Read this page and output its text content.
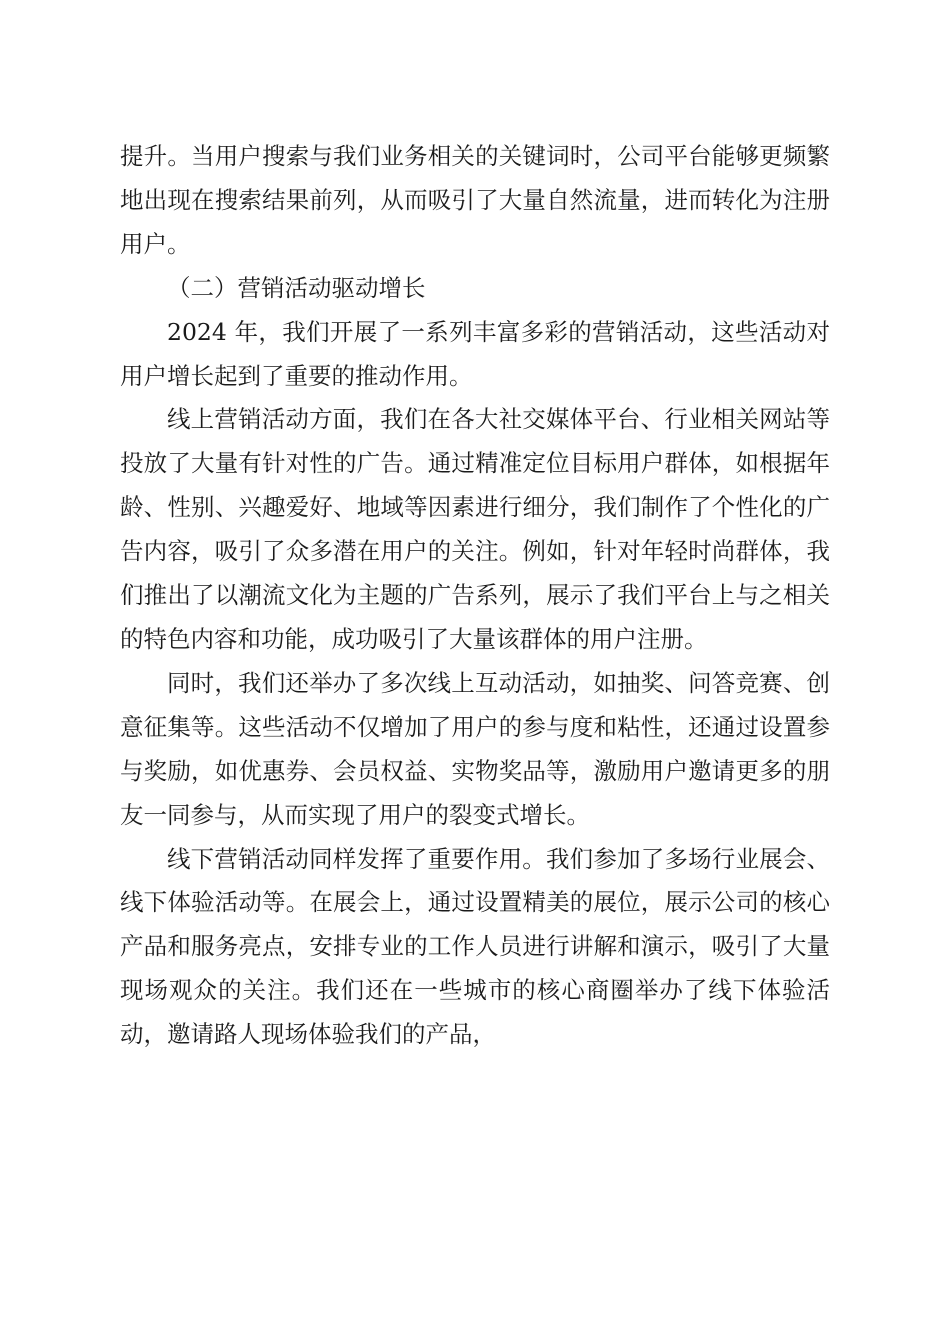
提升。当用户搜索与我们业务相关的关键词时，公司平台能够更频繁地出现在搜索结果前列，从而吸引了大量自然流量，进而转化为注册用户。

（二）营销活动驱动增长

2024 年，我们开展了一系列丰富多彩的营销活动，这些活动对用户增长起到了重要的推动作用。

线上营销活动方面，我们在各大社交媒体平台、行业相关网站等投放了大量有针对性的广告。通过精准定位目标用户群体，如根据年龄、性别、兴趣爱好、地域等因素进行细分，我们制作了个性化的广告内容，吸引了众多潜在用户的关注。例如，针对年轻时尚群体，我们推出了以潮流文化为主题的广告系列，展示了我们平台上与之相关的特色内容和功能，成功吸引了大量该群体的用户注册。

同时，我们还举办了多次线上互动活动，如抽奖、问答竞赛、创意征集等。这些活动不仅增加了用户的参与度和粘性，还通过设置参与奖励，如优惠券、会员权益、实物奖品等，激励用户邀请更多的朋友一同参与，从而实现了用户的裂变式增长。

线下营销活动同样发挥了重要作用。我们参加了多场行业展会、线下体验活动等。在展会上，通过设置精美的展位，展示公司的核心产品和服务亮点，安排专业的工作人员进行讲解和演示，吸引了大量现场观众的关注。我们还在一些城市的核心商圈举办了线下体验活动，邀请路人现场体验我们的产品，
